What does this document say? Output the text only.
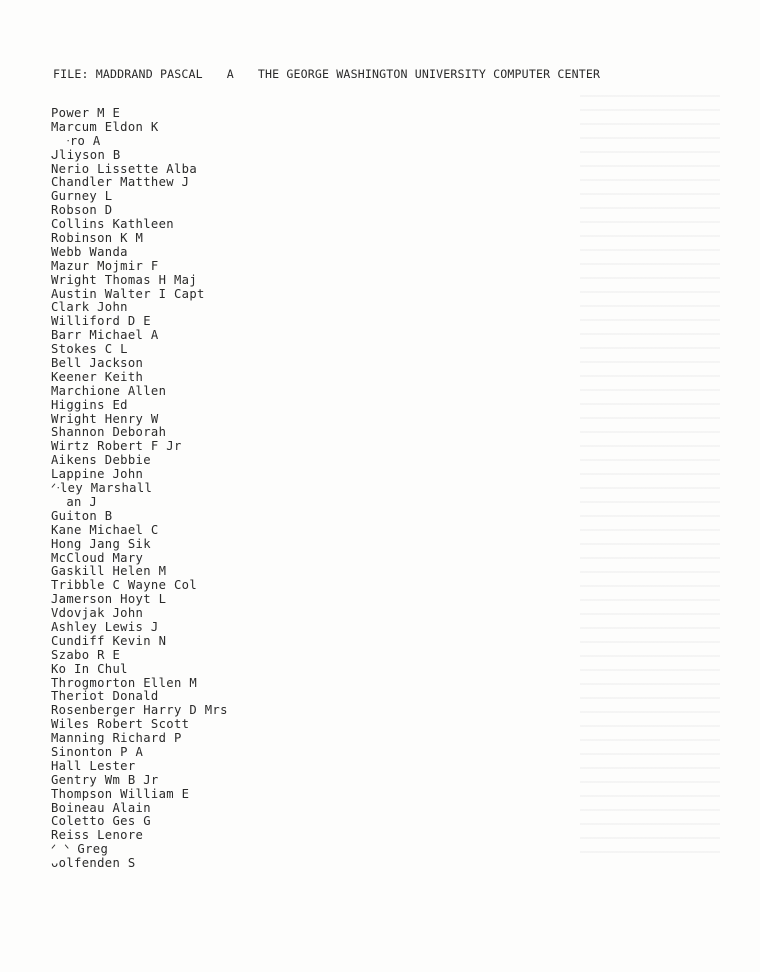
FILE: MADDRAND PASCAL A THE GEORGE WASHINGTON UNIVERSITY COMPUTER CENTER
Power M E
Marcum Eldon K
ᐧro A
ᒍliyson B
Nerio Lissette Alba
Chandler Matthew J
Gurney L
Robson D
Collins Kathleen
Robinson K M
Webb Wanda
Mazur Mojmir F
Wright Thomas H Maj
Austin Walter I Capt
Clark John
Williford D E
Barr Michael A
Stokes C L
Bell Jackson
Keener Keith
Marchione Allen
Higgins Ed
Wright Henry W
Shannon Deborah
Wirtz Robert F Jr
Aikens Debbie
Lappine John
ᐟᐧley Marshall
an J
Guiton B
Kane Michael C
Hong Jang Sik
McCloud Mary
Gaskill Helen M
Tribble C Wayne Col
Jamerson Hoyt L
Vdovjak John
Ashley Lewis J
Cundiff Kevin N
Szabo R E
Ko In Chul
Throgmorton Ellen M
Theriot Donald
Rosenberger Harry D Mrs
Wiles Robert Scott
Manning Richard P
Sinonton P A
Hall Lester
Gentry Wm B Jr
Thompson William E
Boineau Alain
Coletto Ges G
Reiss Lenore
ᐟ ᐠ Greg
ᴗolfenden S
